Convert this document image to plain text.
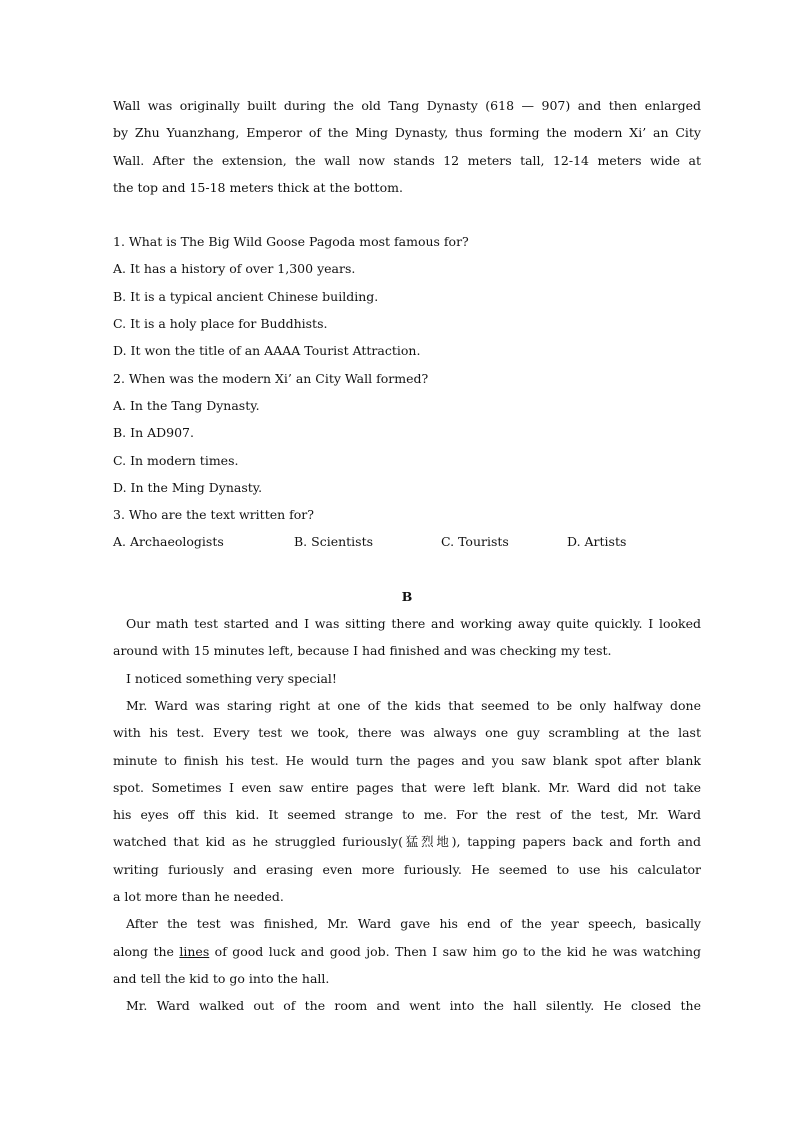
Wall was originally built during the old Tang Dynasty (618 — 907) and then enlarged
by Zhu Yuanzhang, Emperor of the Ming Dynasty, thus forming the modern Xi’ an City
Wall. After the extension, the wall now stands 12 meters tall, 12-14 meters wide at
the top and 15-18 meters thick at the bottom.
1. What is The Big Wild Goose Pagoda most famous for?
A. It has a history of over 1,300 years.
B. It is a typical ancient Chinese building.
C. It is a holy place for Buddhists.
D. It won the title of an AAAA Tourist Attraction.
2. When was the modern Xi’ an City Wall formed?
A. In the Tang Dynasty.
B. In AD907.
C. In modern times.
D. In the Ming Dynasty.
3. Who are the text written for?
A. Archaeologists	B. Scientists	C. Tourists	D. Artists
B
Our math test started and I was sitting there and working away quite quickly. I looked
around with 15 minutes left, because I had finished and was checking my test.
I noticed something very special!
Mr. Ward was staring right at one of the kids that seemed to be only halfway done
with his test. Every test we took, there was always one guy scrambling at the last
minute to finish his test. He would turn the pages and you saw blank spot after blank
spot. Sometimes I even saw entire pages that were left blank. Mr. Ward did not take
his eyes off this kid. It seemed strange to me. For the rest of the test, Mr. Ward
watched that kid as he struggled furiously(猛烈地), tapping papers back and forth and
writing furiously and erasing even more furiously. He seemed to use his calculator
a lot more than he needed.
After the test was finished, Mr. Ward gave his end of the year speech, basically
along the lines of good luck and good job. Then I saw him go to the kid he was watching
and tell the kid to go into the hall.
Mr. Ward walked out of the room and went into the hall silently. He closed the
